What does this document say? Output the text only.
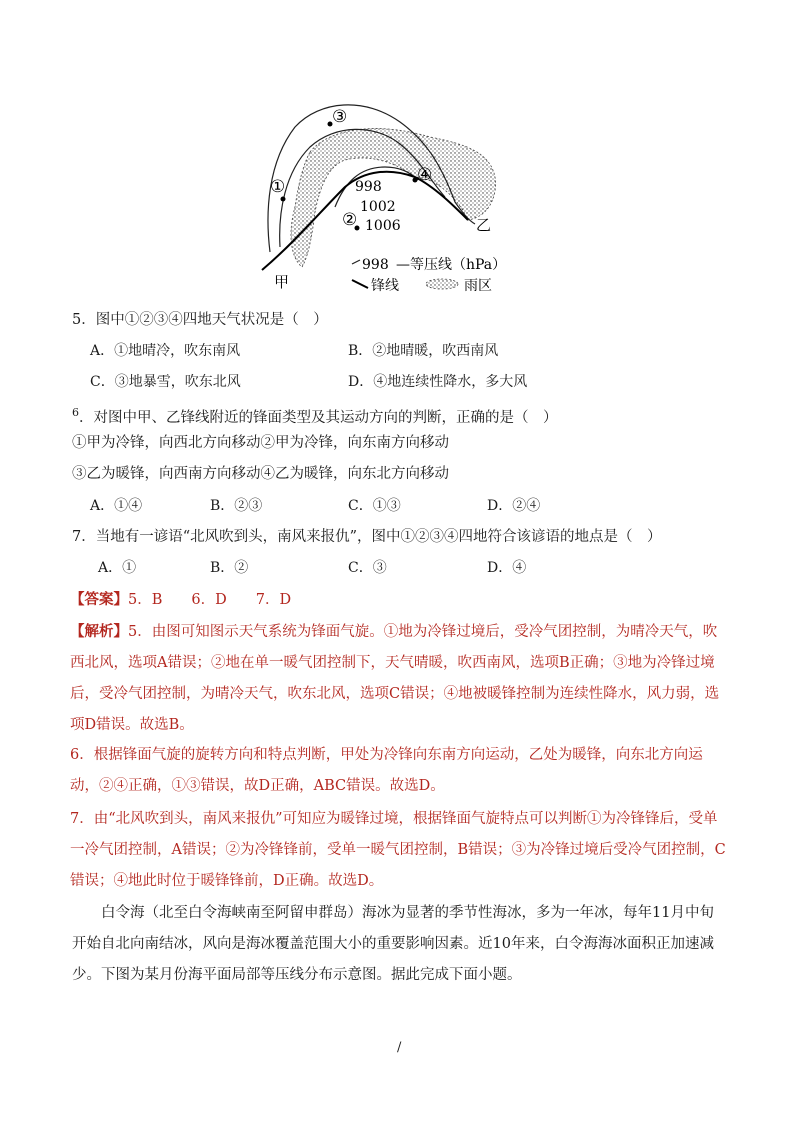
③
①
④
②
998
1002
1006
甲
乙
998 —等压线（hPa）
锋线	雨区
5．图中①②③④四地天气状况是（　）
A．①地晴冷，吹东南风	B．②地晴暖，吹西南风
C．③地暴雪，吹东北风	D．④地连续性降水，多大风
$^6$．对图中甲、乙锋线附近的锋面类型及其运动方向的判断，正确的是（　）
①甲为冷锋，向西北方向移动②甲为冷锋，向东南方向移动
③乙为暖锋，向西南方向移动④乙为暖锋，向东北方向移动
A．①④	B．②③	C．①③	D．②④
7．当地有一谚语“北风吹到头，南风来报仇”，图中①②③④四地符合该谚语的地点是（　）
A．①	B．②	C．③	D．④
【答案】5．B　　6．D　　7．D
【解析】5．由图可知图示天气系统为锋面气旋。①地为冷锋过境后，受冷气团控制，为晴冷天气，吹西北风，选项A错误；②地在单一暖气团控制下，天气晴暖，吹西南风，选项B正确；③地为冷锋过境后，受冷气团控制，为晴冷天气，吹东北风，选项C错误；④地被暖锋控制为连续性降水，风力弱，选项D错误。故选B。
6．根据锋面气旋的旋转方向和特点判断，甲处为冷锋向东南方向运动，乙处为暖锋，向东北方向运动，②④正确，①③错误，故D正确，ABC错误。故选D。
7．由“北风吹到头，南风来报仇”可知应为暖锋过境，根据锋面气旋特点可以判断①为冷锋锋后，受单一冷气团控制，A错误；②为冷锋锋前，受单一暖气团控制，B错误；③为冷锋过境后受冷气团控制，C错误；④地此时位于暖锋锋前，D正确。故选D。
白令海（北至白令海峡南至阿留申群岛）海冰为显著的季节性海冰，多为一年冰，每年11月中旬开始自北向南结冰，风向是海冰覆盖范围大小的重要影响因素。近10年来，白令海海冰面积正加速减少。下图为某月份海平面局部等压线分布示意图。据此完成下面小题。
/
